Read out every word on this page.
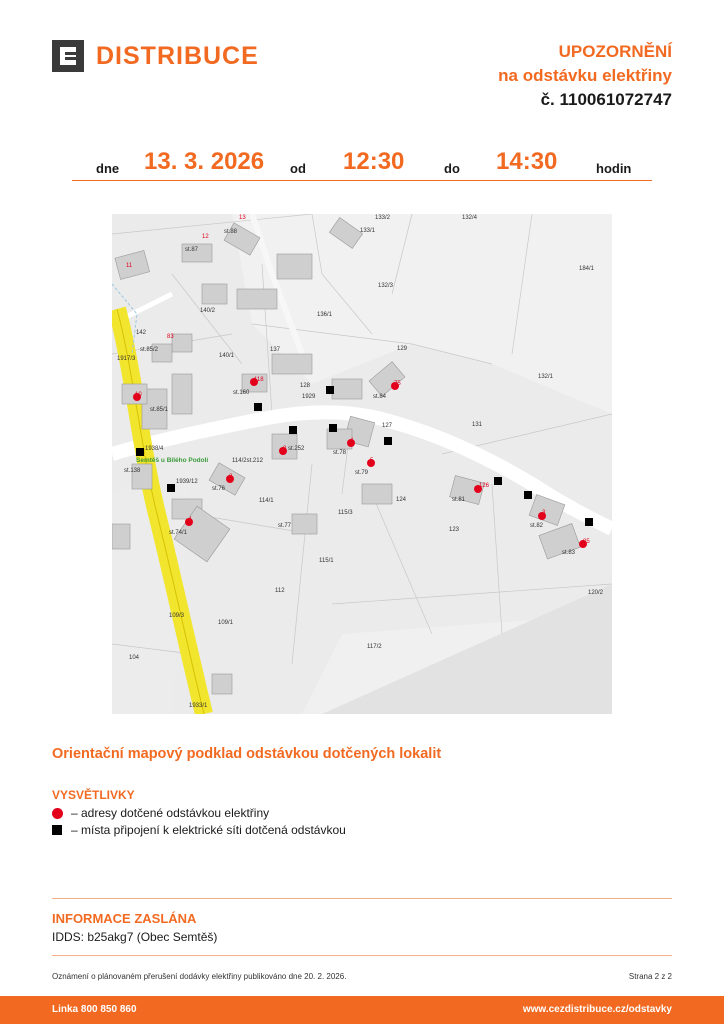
DISTRIBUCE	UPOZORNĚNÍ
na odstávku elektřiny
č. 110061072747
dne 13. 3. 2026 od 12:30	do 14:30	hodin
133/2	132/4
133/1
184/1
132/3
136/1
140/2
142
140/1
137	129
132/1
1917/3
128
1929
127	131
st.160
st.84
st.85/1
1938/4
st.78
st.79
st.252
114/2st.212
st.76
1939/12
114/1	124	st.81
st.82
st.83
123
115/3
st.77
st.74/1
115/1
112
109/3
109/1
120/2
117/2
104
1933/1
st.88
st.87
st.85/2
st.138
Semtěš u Bílého Podolí
13
12
11
83
10
118
75
4
5
8
2
1
126
3
85
Orientační mapový podklad odstávkou dotčených lokalit
VYSVĚTLIVKY
– adresy dotčené odstávkou elektřiny
– místa připojení k elektrické síti dotčená odstávkou
INFORMACE ZASLÁNA
IDDS: b25akg7 (Obec Semtěš)
Oznámení o plánovaném přerušení dodávky elektřiny publikováno dne 20. 2. 2026.	Strana 2 z 2
Linka 800 850 860	www.cezdistribuce.cz/odstavky
